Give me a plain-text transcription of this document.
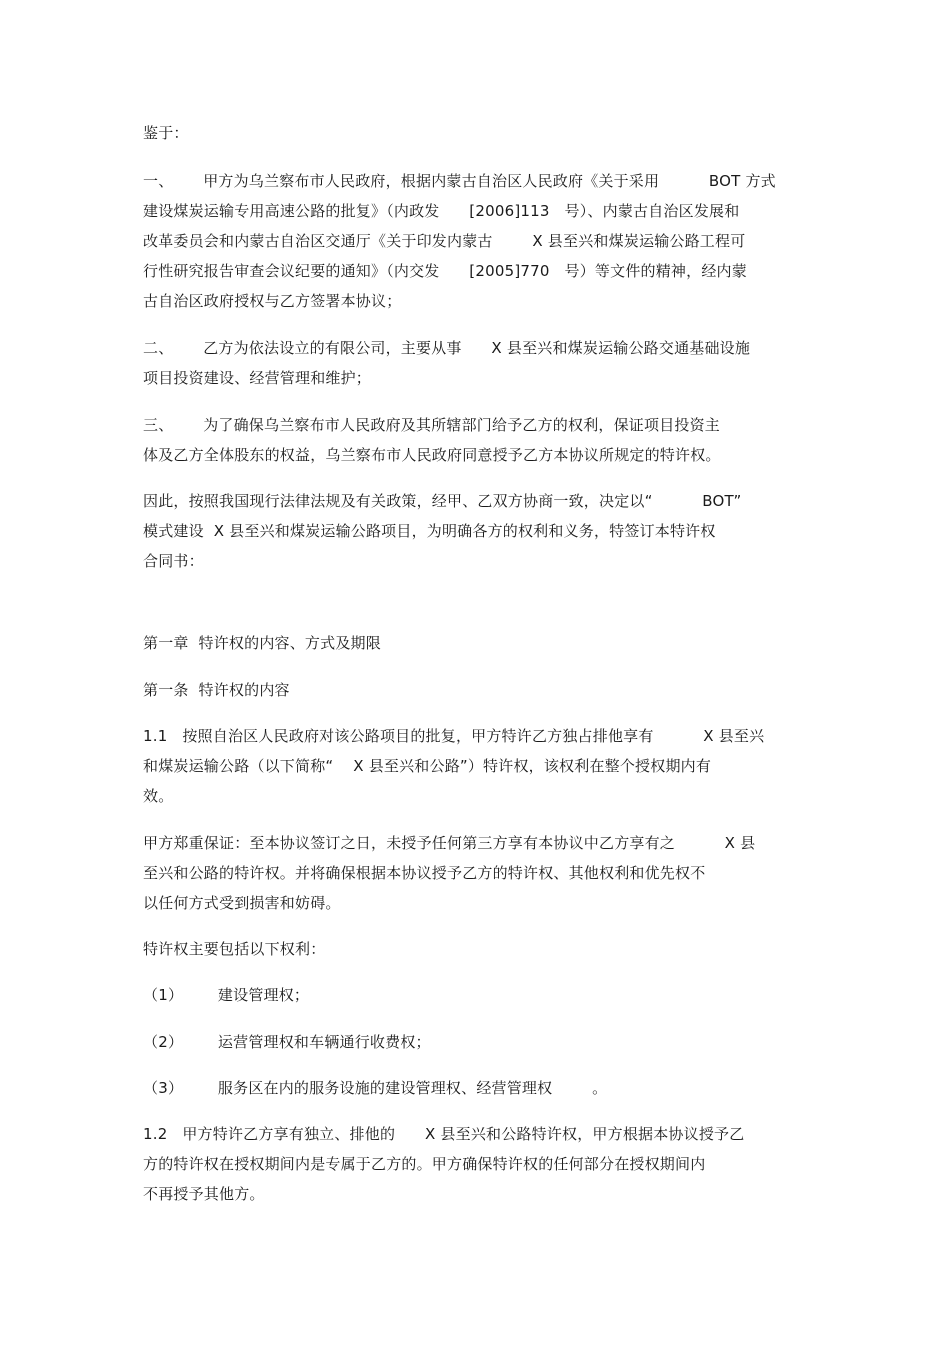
鉴于：
一、      甲方为乌兰察布市人民政府，根据内蒙古自治区人民政府《关于采用          BOT 方式
建设煤炭运输专用高速公路的批复》（内政发      [2006]113   号）、内蒙古自治区发展和
改革委员会和内蒙古自治区交通厅《关于印发内蒙古        X 县至兴和煤炭运输公路工程可
行性研究报告审查会议纪要的通知》（内交发      [2005]770   号）等文件的精神，经内蒙
古自治区政府授权与乙方签署本协议；
二、      乙方为依法设立的有限公司，主要从事      X 县至兴和煤炭运输公路交通基础设施
项目投资建设、经营管理和维护；
三、      为了确保乌兰察布市人民政府及其所辖部门给予乙方的权利，保证项目投资主
体及乙方全体股东的权益，乌兰察布市人民政府同意授予乙方本协议所规定的特许权。
因此，按照我国现行法律法规及有关政策，经甲、乙双方协商一致，决定以“          BOT”
模式建设  X 县至兴和煤炭运输公路项目，为明确各方的权利和义务，特签订本特许权
合同书：
第一章  特许权的内容、方式及期限
第一条  特许权的内容
1.1   按照自治区人民政府对该公路项目的批复，甲方特许乙方独占排他享有          X 县至兴
和煤炭运输公路（以下简称“    X 县至兴和公路”）特许权，该权利在整个授权期内有
效。
甲方郑重保证：至本协议签订之日，未授予任何第三方享有本协议中乙方享有之          X 县
至兴和公路的特许权。并将确保根据本协议授予乙方的特许权、其他权利和优先权不
以任何方式受到损害和妨碍。
特许权主要包括以下权利：
（1）       建设管理权；
（2）       运营管理权和车辆通行收费权；
（3）       服务区在内的服务设施的建设管理权、经营管理权        。
1.2   甲方特许乙方享有独立、排他的      X 县至兴和公路特许权，甲方根据本协议授予乙
方的特许权在授权期间内是专属于乙方的。甲方确保特许权的任何部分在授权期间内
不再授予其他方。
